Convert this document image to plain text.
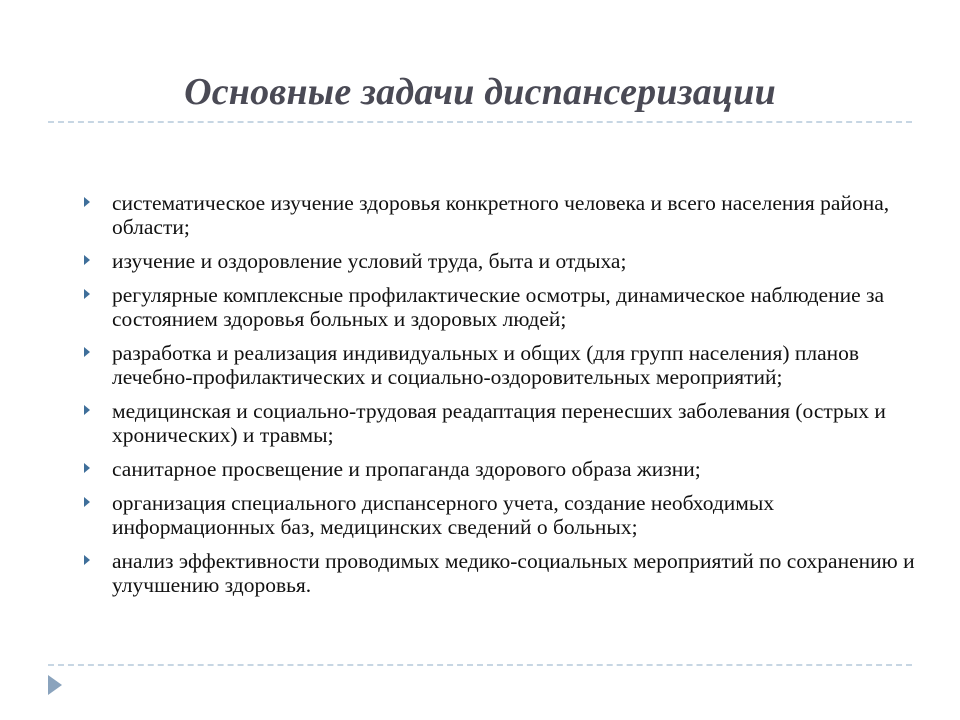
Основные задачи диспансеризации
систематическое изучение здоровья конкретного человека и всего населения района, области;
изучение и оздоровление условий труда, быта и отдыха;
регулярные комплексные профилактические осмотры, динамическое наблюдение за состоянием здоровья больных и здоровых людей;
разработка и реализация индивидуальных и общих (для групп населения) планов лечебно-профилактических и социально-оздоровительных мероприятий;
медицинская и социально-трудовая реадаптация перенесших заболевания (острых и хронических) и травмы;
санитарное просвещение и пропаганда здорового образа жизни;
организация специального диспансерного учета, создание необходимых информационных баз, медицинских сведений о больных;
анализ эффективности проводимых медико-социальных мероприятий по сохранению и улучшению здоровья.
